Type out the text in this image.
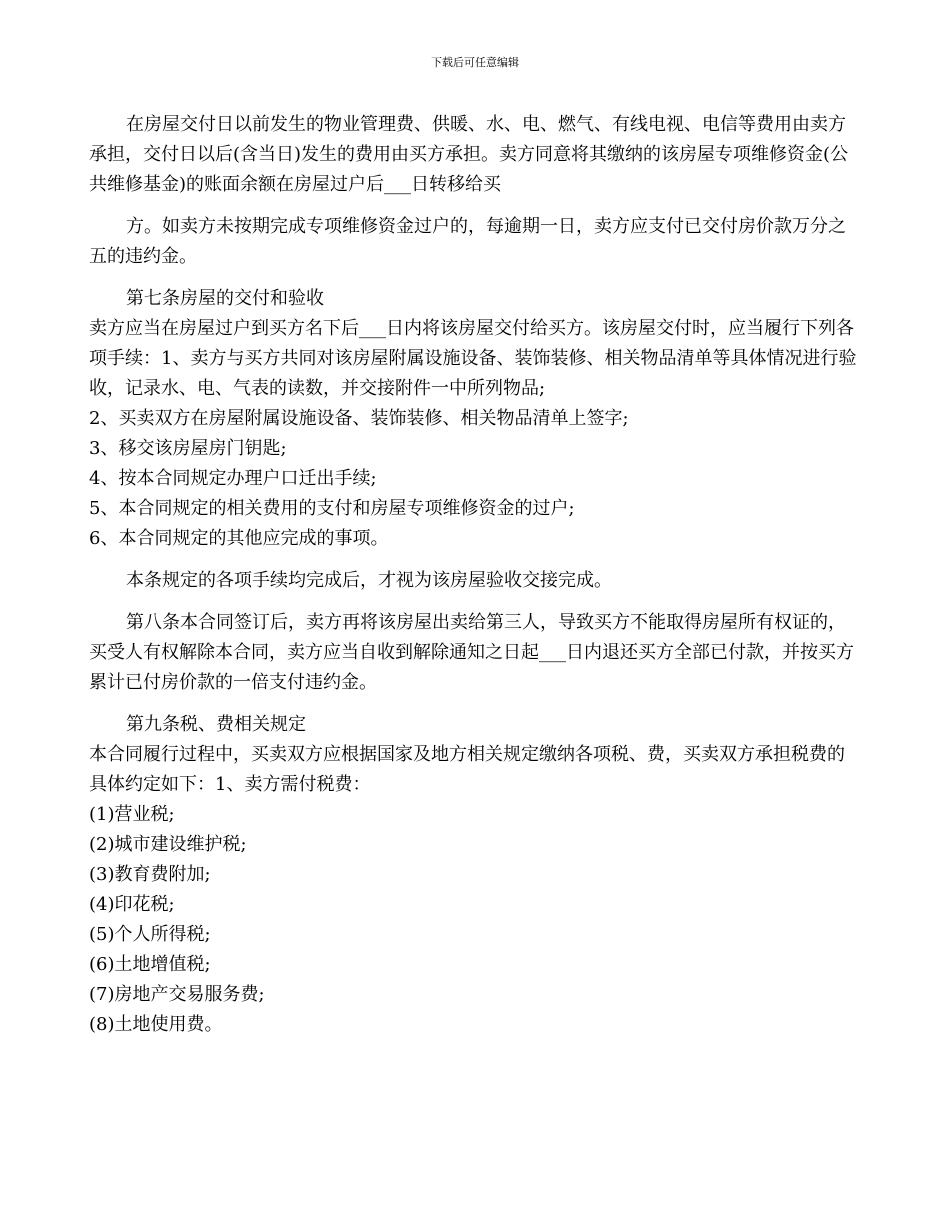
下载后可任意编辑

在房屋交付日以前发生的物业管理费、供暖、水、电、燃气、有线电视、电信等费用由卖方承担，交付日以后(含当日)发生的费用由买方承担。卖方同意将其缴纳的该房屋专项维修资金(公共维修基金)的账面余额在房屋过户后___日转移给买

方。如卖方未按期完成专项维修资金过户的，每逾期一日，卖方应支付已交付房价款万分之五的违约金。

第七条房屋的交付和验收

卖方应当在房屋过户到买方名下后___日内将该房屋交付给买方。该房屋交付时，应当履行下列各项手续：1、卖方与买方共同对该房屋附属设施设备、装饰装修、相关物品清单等具体情况进行验收，记录水、电、气表的读数，并交接附件一中所列物品;

2、买卖双方在房屋附属设施设备、装饰装修、相关物品清单上签字;

3、移交该房屋房门钥匙;

4、按本合同规定办理户口迁出手续;

5、本合同规定的相关费用的支付和房屋专项维修资金的过户;

6、本合同规定的其他应完成的事项。

本条规定的各项手续均完成后，才视为该房屋验收交接完成。

第八条本合同签订后，卖方再将该房屋出卖给第三人，导致买方不能取得房屋所有权证的，买受人有权解除本合同，卖方应当自收到解除通知之日起___日内退还买方全部已付款，并按买方累计已付房价款的一倍支付违约金。

第九条税、费相关规定

本合同履行过程中，买卖双方应根据国家及地方相关规定缴纳各项税、费，买卖双方承担税费的具体约定如下：1、卖方需付税费：

(1)营业税;

(2)城市建设维护税;

(3)教育费附加;

(4)印花税;

(5)个人所得税;

(6)土地增值税;

(7)房地产交易服务费;

(8)土地使用费。
